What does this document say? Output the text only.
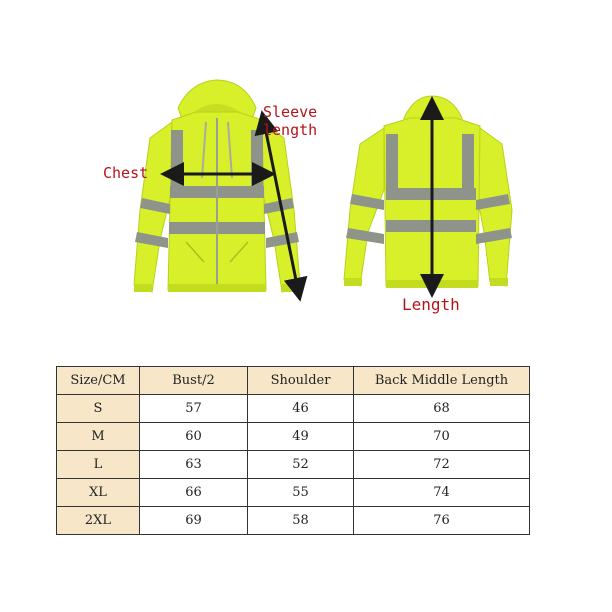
Chest
Sleeve length
Length
Size/CM	Bust/2	Shoulder	Back Middle Length
S	57	46	68
M	60	49	70
L	63	52	72
XL	66	55	74
2XL	69	58	76
